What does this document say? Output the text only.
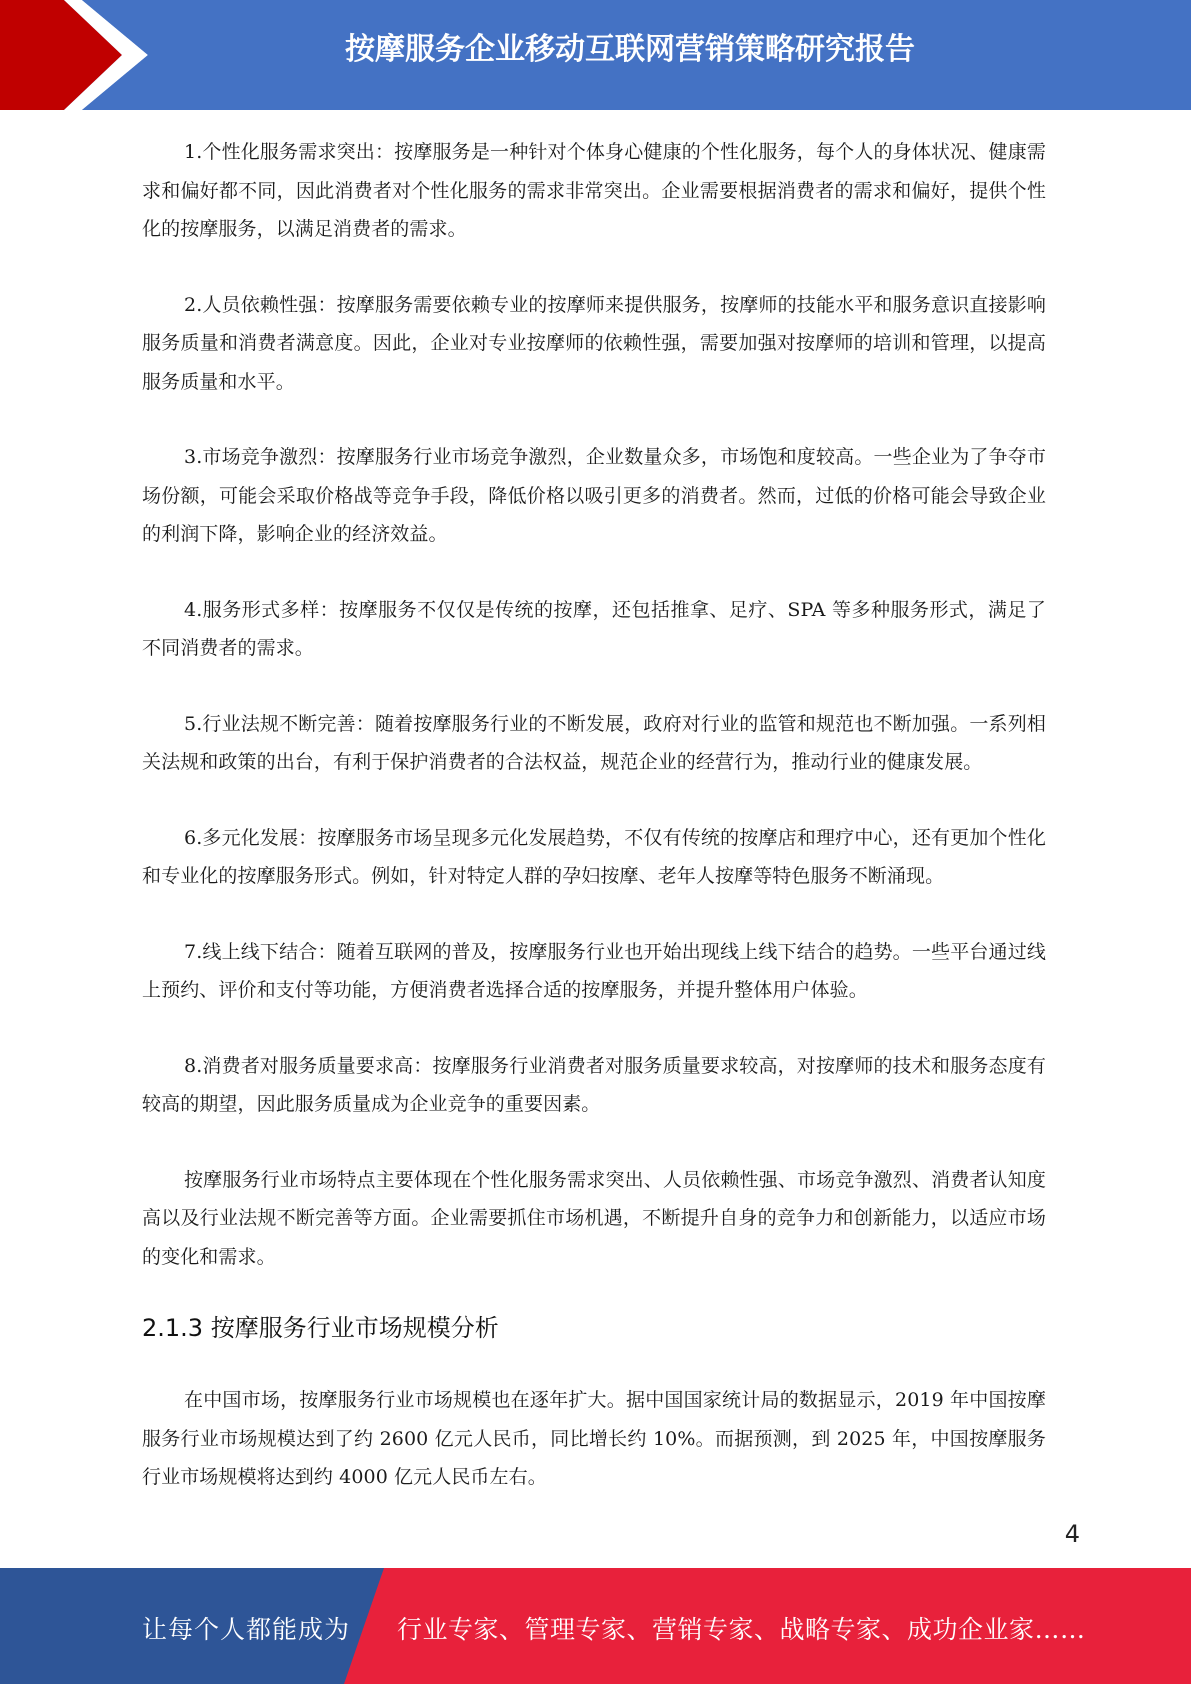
按摩服务企业移动互联网营销策略研究报告

1.个性化服务需求突出：按摩服务是一种针对个体身心健康的个性化服务，每个人的身体状况、健康需求和偏好都不同，因此消费者对个性化服务的需求非常突出。企业需要根据消费者的需求和偏好，提供个性化的按摩服务，以满足消费者的需求。

2.人员依赖性强：按摩服务需要依赖专业的按摩师来提供服务，按摩师的技能水平和服务意识直接影响服务质量和消费者满意度。因此，企业对专业按摩师的依赖性强，需要加强对按摩师的培训和管理，以提高服务质量和水平。

3.市场竞争激烈：按摩服务行业市场竞争激烈，企业数量众多，市场饱和度较高。一些企业为了争夺市场份额，可能会采取价格战等竞争手段，降低价格以吸引更多的消费者。然而，过低的价格可能会导致企业的利润下降，影响企业的经济效益。

4.服务形式多样：按摩服务不仅仅是传统的按摩，还包括推拿、足疗、SPA 等多种服务形式，满足了不同消费者的需求。

5.行业法规不断完善：随着按摩服务行业的不断发展，政府对行业的监管和规范也不断加强。一系列相关法规和政策的出台，有利于保护消费者的合法权益，规范企业的经营行为，推动行业的健康发展。

6.多元化发展：按摩服务市场呈现多元化发展趋势，不仅有传统的按摩店和理疗中心，还有更加个性化和专业化的按摩服务形式。例如，针对特定人群的孕妇按摩、老年人按摩等特色服务不断涌现。

7.线上线下结合：随着互联网的普及，按摩服务行业也开始出现线上线下结合的趋势。一些平台通过线上预约、评价和支付等功能，方便消费者选择合适的按摩服务，并提升整体用户体验。

8.消费者对服务质量要求高：按摩服务行业消费者对服务质量要求较高，对按摩师的技术和服务态度有较高的期望，因此服务质量成为企业竞争的重要因素。

按摩服务行业市场特点主要体现在个性化服务需求突出、人员依赖性强、市场竞争激烈、消费者认知度高以及行业法规不断完善等方面。企业需要抓住市场机遇，不断提升自身的竞争力和创新能力，以适应市场的变化和需求。

2.1.3 按摩服务行业市场规模分析

在中国市场，按摩服务行业市场规模也在逐年扩大。据中国国家统计局的数据显示，2019 年中国按摩服务行业市场规模达到了约 2600 亿元人民币，同比增长约 10%。而据预测，到 2025 年，中国按摩服务行业市场规模将达到约 4000 亿元人民币左右。

4
让每个人都能成为 行业专家、管理专家、营销专家、战略专家、成功企业家……
